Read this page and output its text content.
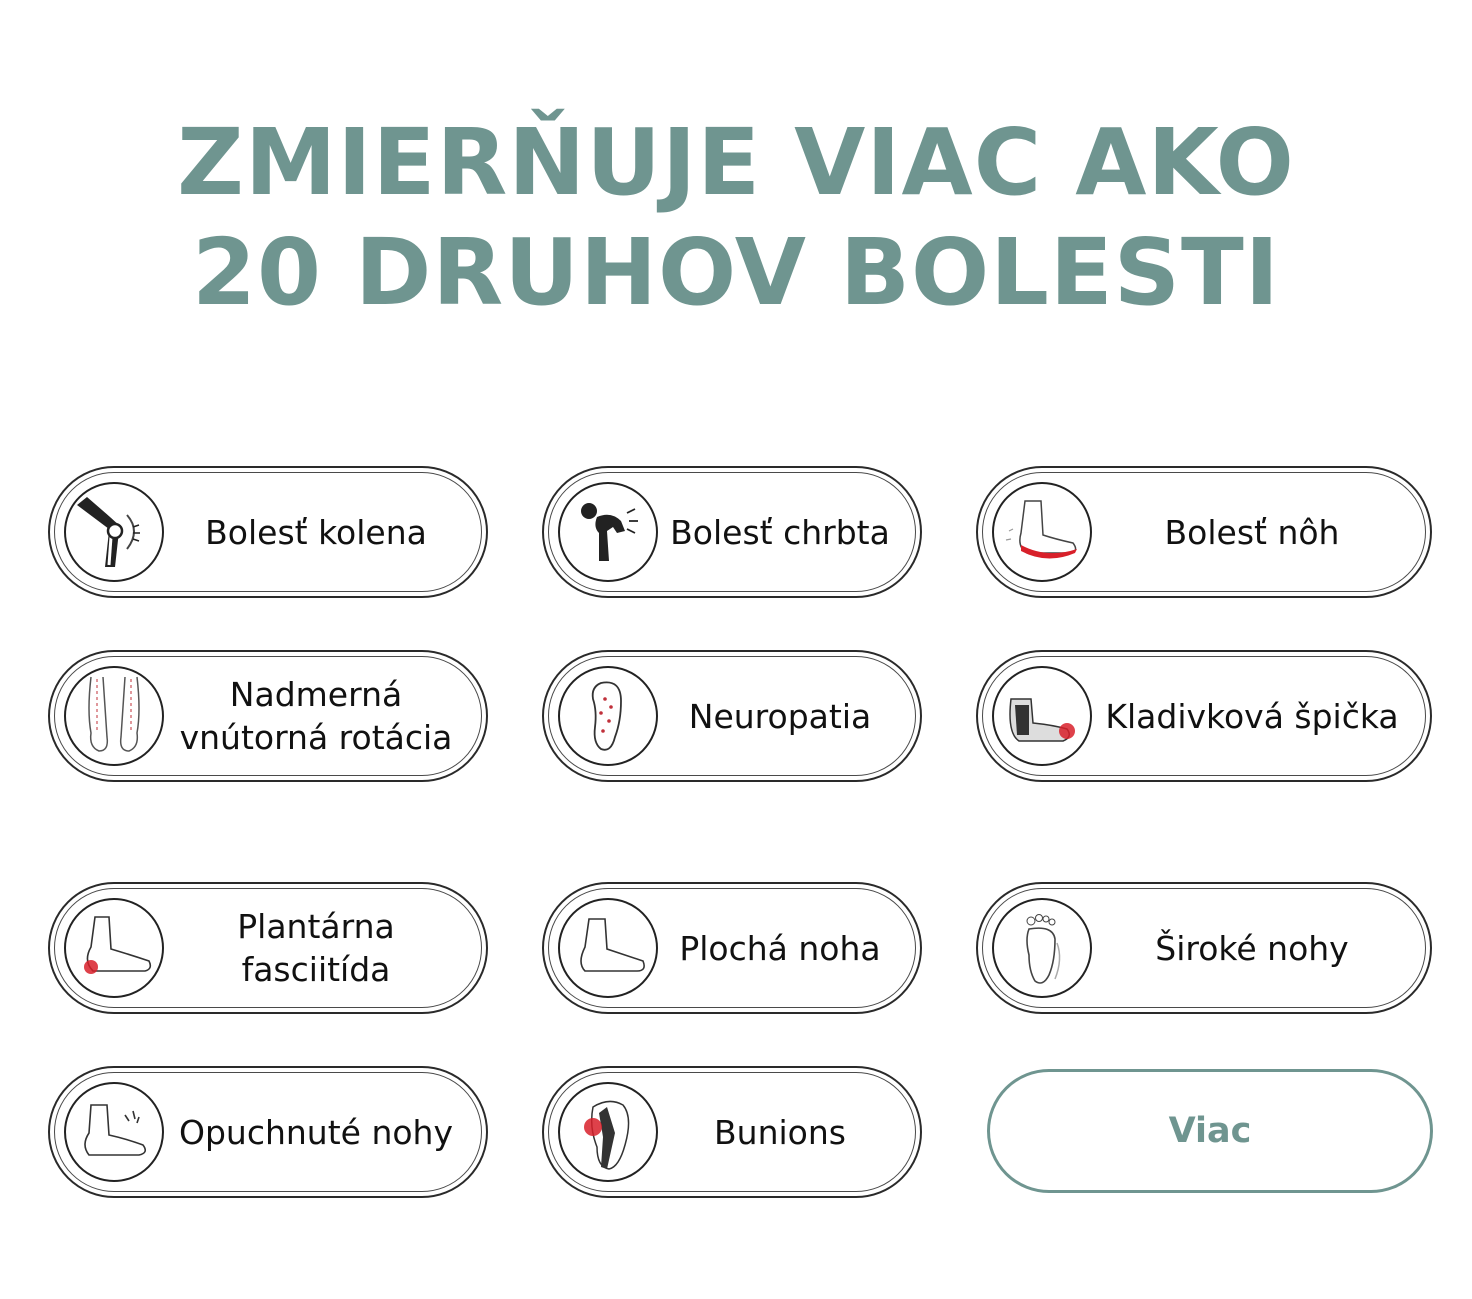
ZMIERŇUJE VIAC AKO
20 DRUHOV BOLESTI
Bolesť kolena	Bolesť chrbta	Bolesť nôh
Nadmerná
vnútorná rotácia
Neuropatia	Kladivková špička
Plantárna
fasciitída
Plochá noha	Široké nohy
Opuchnuté nohy	Bunions	Viac
